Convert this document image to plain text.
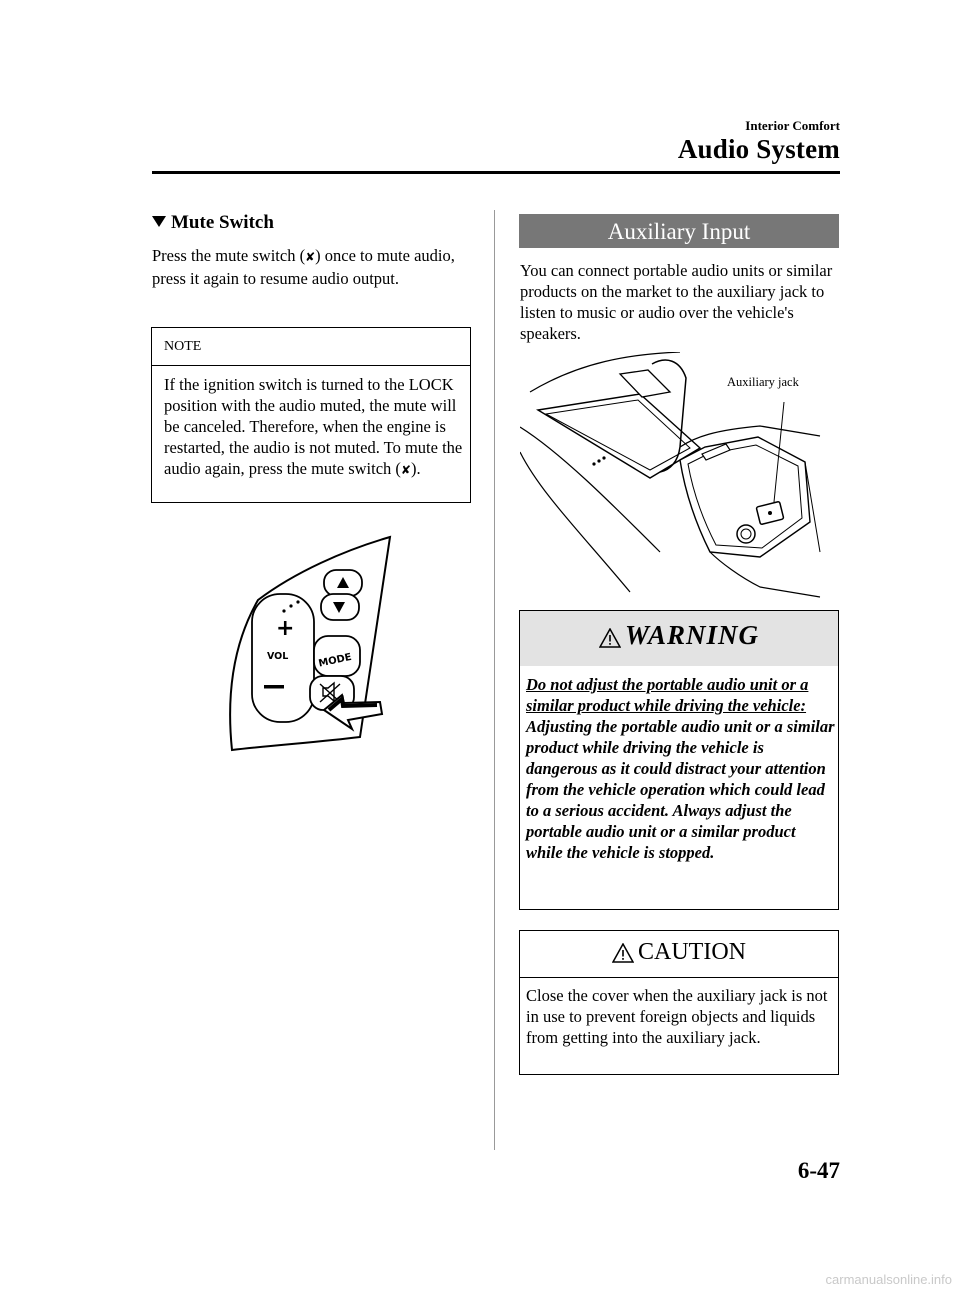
Interior Comfort
Audio System
Mute Switch
Press the mute switch (✘) once to mute audio, press it again to resume audio output.
NOTE
If the ignition switch is turned to the LOCK position with the audio muted, the mute will be canceled. Therefore, when the engine is restarted, the audio is not muted. To mute the audio again, press the mute switch (✘).
+
VOL	MODE
Auxiliary Input
You can connect portable audio units or similar products on the market to the auxiliary jack to listen to music or audio over the vehicle's speakers.
Auxiliary jack
WARNING
Do not adjust the portable audio unit or a similar product while driving the vehicle:
Adjusting the portable audio unit or a similar product while driving the vehicle is dangerous as it could distract your attention from the vehicle operation which could lead to a serious accident. Always adjust the portable audio unit or a similar product while the vehicle is stopped.
CAUTION
Close the cover when the auxiliary jack is not in use to prevent foreign objects and liquids from getting into the auxiliary jack.
6-47
carmanualsonline.info
